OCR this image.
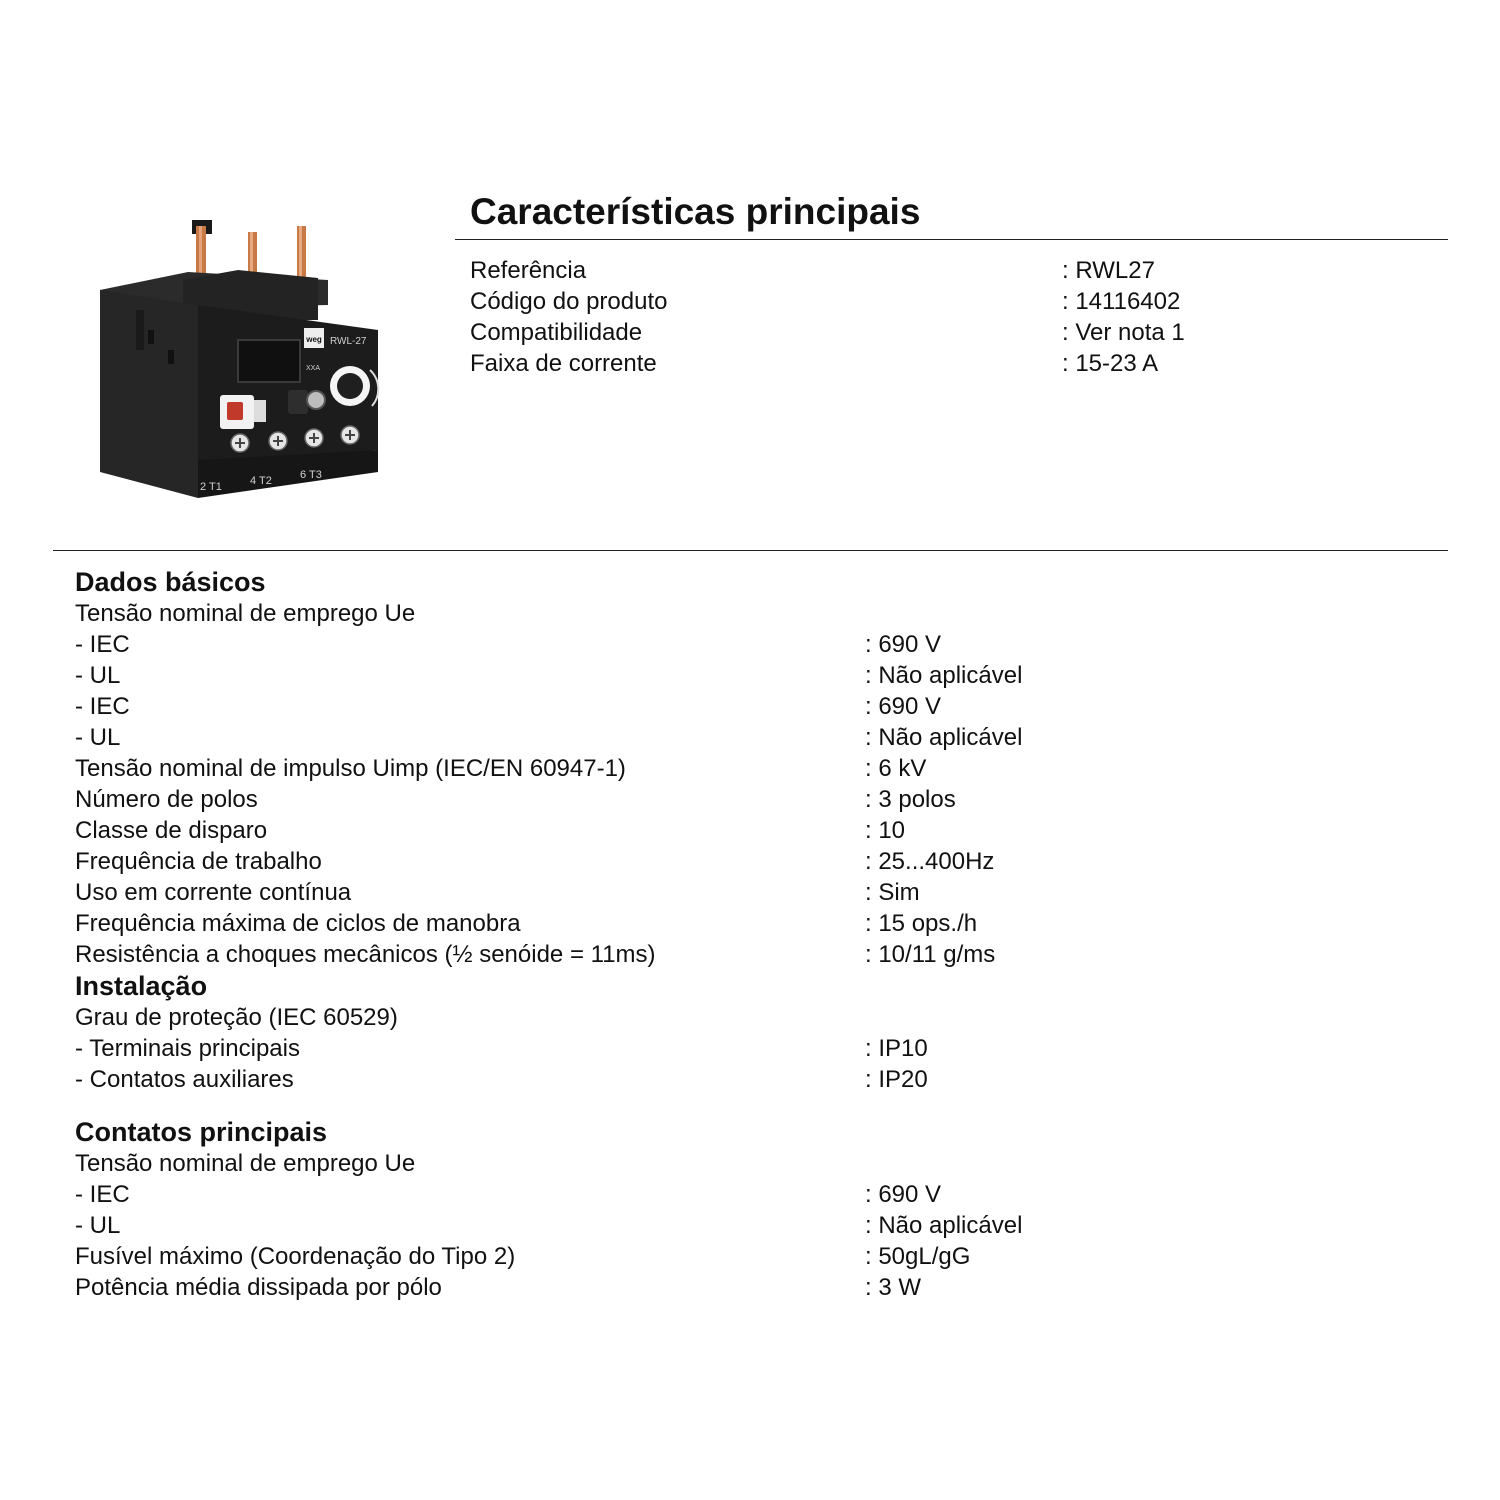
weg RWL-27
XXA
2 T1	4 T2	6 T3
Características principais
Referência	: RWL27
Código do produto	: 14116402
Compatibilidade	: Ver nota 1
Faixa de corrente	: 15-23 A
Dados básicos
Tensão nominal de emprego Ue
- IEC	: 690 V
- UL	: Não aplicável
- IEC	: 690 V
- UL	: Não aplicável
Tensão nominal de impulso Uimp (IEC/EN 60947-1)	: 6 kV
Número de polos	: 3 polos
Classe de disparo	: 10
Frequência de trabalho	: 25...400Hz
Uso em corrente contínua	: Sim
Frequência máxima de ciclos de manobra	: 15 ops./h
Resistência a choques mecânicos (½ senóide = 11ms)	: 10/11 g/ms
Instalação
Grau de proteção (IEC 60529)
- Terminais principais	: IP10
- Contatos auxiliares	: IP20
Contatos principais
Tensão nominal de emprego Ue
- IEC	: 690 V
- UL	: Não aplicável
Fusível máximo (Coordenação do Tipo 2)	: 50gL/gG
Potência média dissipada por pólo	: 3 W
